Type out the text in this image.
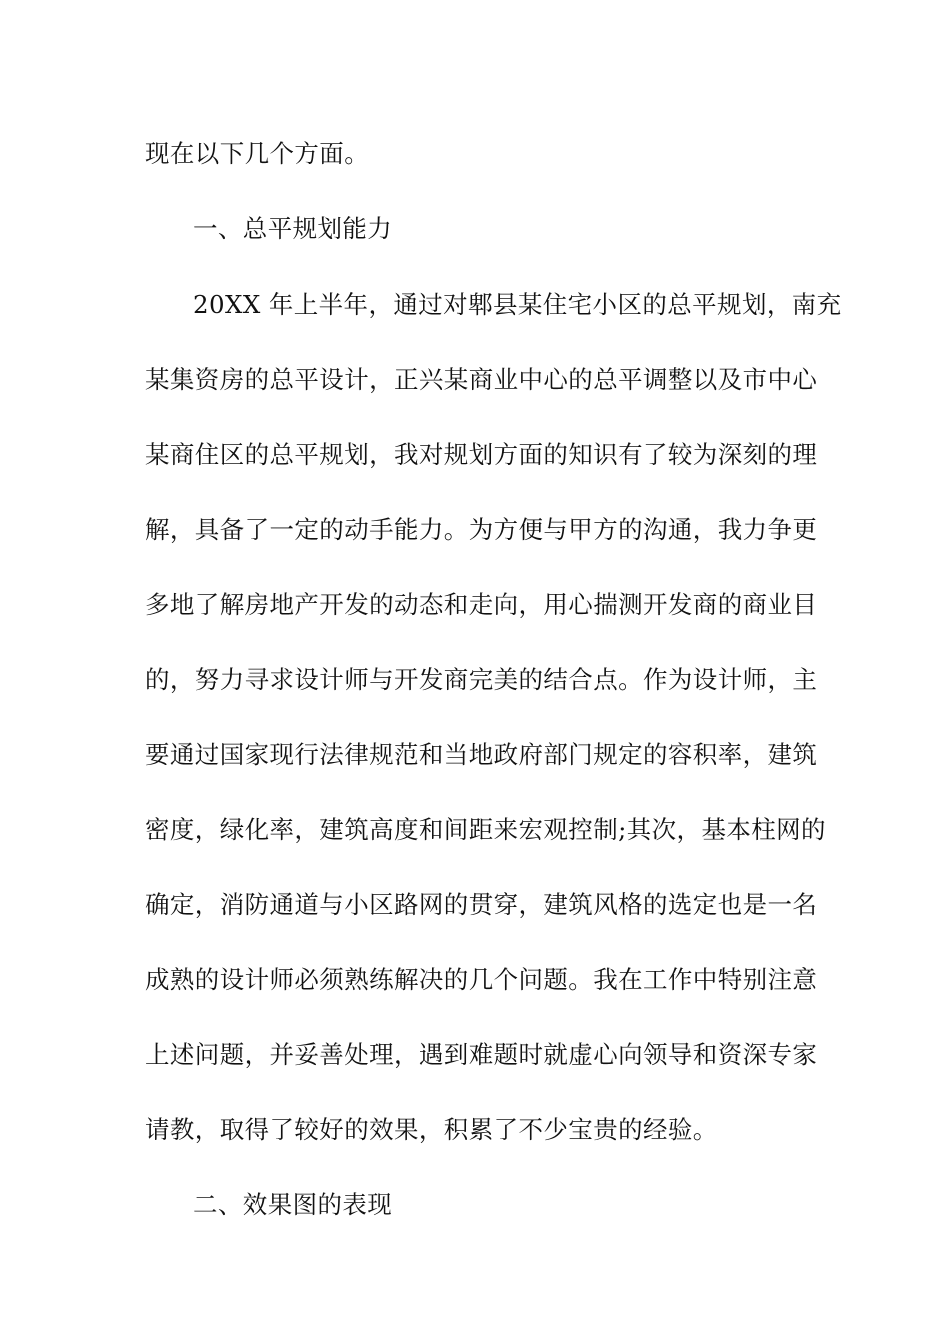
现在以下几个方面。
一、总平规划能力
20XX 年上半年，通过对郫县某住宅小区的总平规划，南充
某集资房的总平设计，正兴某商业中心的总平调整以及市中心
某商住区的总平规划，我对规划方面的知识有了较为深刻的理
解，具备了一定的动手能力。为方便与甲方的沟通，我力争更
多地了解房地产开发的动态和走向，用心揣测开发商的商业目
的，努力寻求设计师与开发商完美的结合点。作为设计师，主
要通过国家现行法律规范和当地政府部门规定的容积率，建筑
密度，绿化率，建筑高度和间距来宏观控制;其次，基本柱网的
确定，消防通道与小区路网的贯穿，建筑风格的选定也是一名
成熟的设计师必须熟练解决的几个问题。我在工作中特别注意
上述问题，并妥善处理，遇到难题时就虚心向领导和资深专家
请教，取得了较好的效果，积累了不少宝贵的经验。
二、效果图的表现
